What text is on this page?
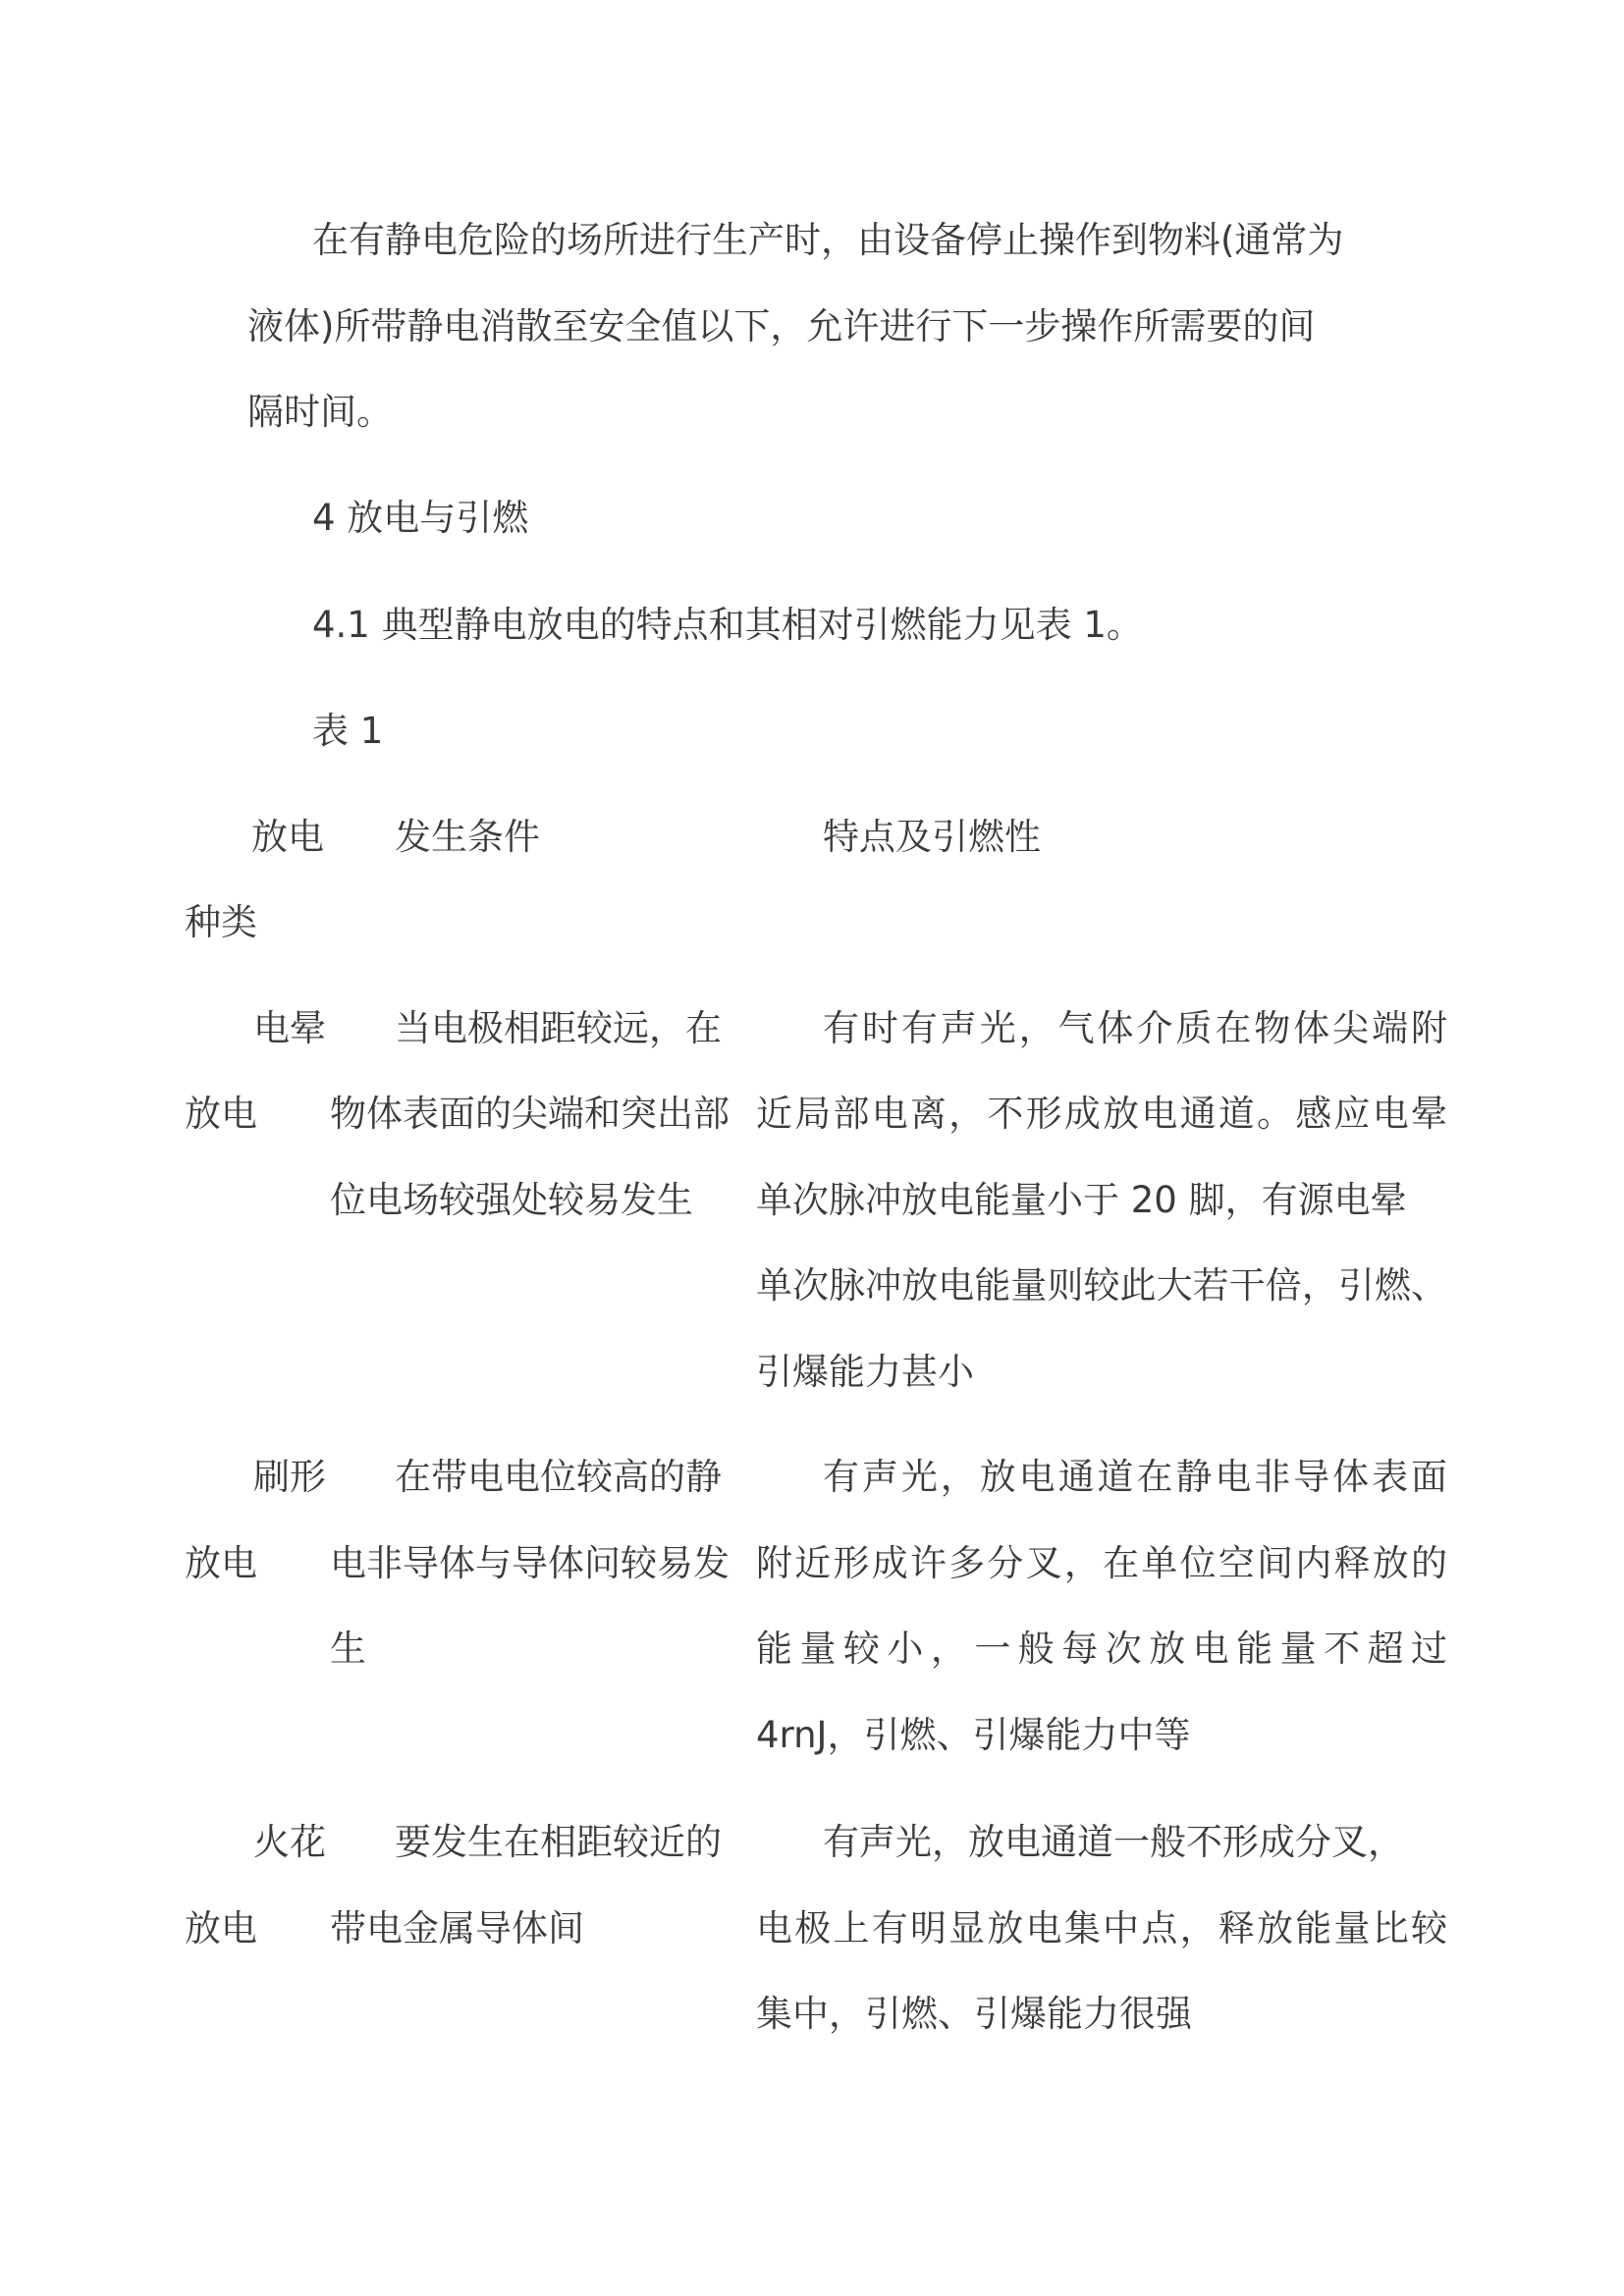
在有静电危险的场所进行生产时，由设备停止操作到物料(通常为
液体)所带静电消散至安全值以下，允许进行下一步操作所需要的间
隔时间。
4 放电与引燃
4.1 典型静电放电的特点和其相对引燃能力见表 1。
表 1
放电
种类
发生条件	特点及引燃性
电晕
放电
当电极相距较远，在
物体表面的尖端和突出部
位电场较强处较易发生
有时有声光，气体介质在物体尖端附
近局部电离，不形成放电通道。感应电晕
单次脉冲放电能量小于 20 脚，有源电晕
单次脉冲放电能量则较此大若干倍，引燃、
引爆能力甚小
刷形
放电
在带电电位较高的静
电非导体与导体问较易发
生
有声光，放电通道在静电非导体表面
附近形成许多分叉，在单位空间内释放的
能量较小，一般每次放电能量不超过
4rnJ，引燃、引爆能力中等
火花
放电
要发生在相距较近的
带电金属导体间
有声光，放电通道一般不形成分叉，
电极上有明显放电集中点，释放能量比较
集中，引燃、引爆能力很强
